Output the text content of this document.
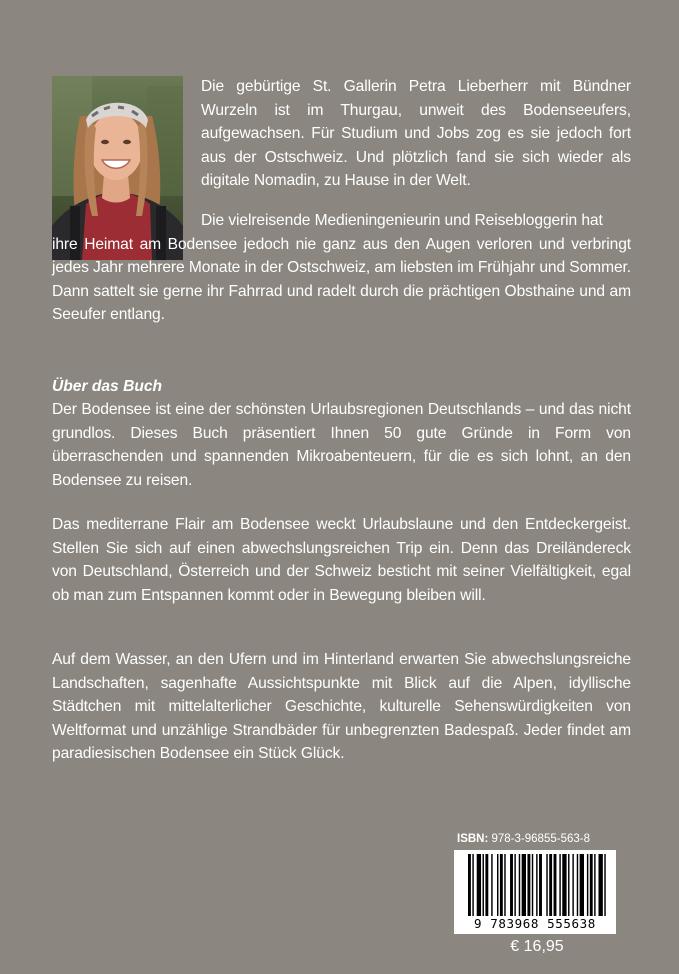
Die gebürtige St. Gallerin Petra Lieberherr mit Bündner Wurzeln ist im Thurgau, unweit des Bodenseeufers, aufgewachsen. Für Studium und Jobs zog es sie jedoch fort aus der Ostschweiz. Und plötzlich fand sie sich wieder als digitale Nomadin, zu Hause in der Welt.

Die vielreisende Medieningenieurin und Reisebloggerin hat
ihre Heimat am Bodensee jedoch nie ganz aus den Augen verloren und verbringt jedes Jahr mehrere Monate in der Ostschweiz, am liebsten im Frühjahr und Sommer. Dann sattelt sie gerne ihr Fahrrad und radelt durch die prächtigen Obsthaine und am Seeufer entlang.

Über das Buch

Der Bodensee ist eine der schönsten Urlaubsregionen Deutschlands – und das nicht grundlos. Dieses Buch präsentiert Ihnen 50 gute Gründe in Form von überraschenden und spannenden Mikroabenteuern, für die es sich lohnt, an den Bodensee zu reisen.

Das mediterrane Flair am Bodensee weckt Urlaubslaune und den Entdeckergeist. Stellen Sie sich auf einen abwechslungsreichen Trip ein. Denn das Dreiländereck von Deutschland, Österreich und der Schweiz besticht mit seiner Vielfältigkeit, egal ob man zum Entspannen kommt oder in Bewegung bleiben will.

Auf dem Wasser, an den Ufern und im Hinterland erwarten Sie abwechslungsreiche Landschaften, sagenhafte Aussichtspunkte mit Blick auf die Alpen, idyllische Städtchen mit mittelalterlicher Geschichte, kulturelle Sehenswürdigkeiten von Weltformat und unzählige Strandbäder für unbegrenzten Badespaß. Jeder findet am paradiesischen Bodensee ein Stück Glück.

ISBN: 978-3-96855-563-8
9 783968 555638
€ 16,95
